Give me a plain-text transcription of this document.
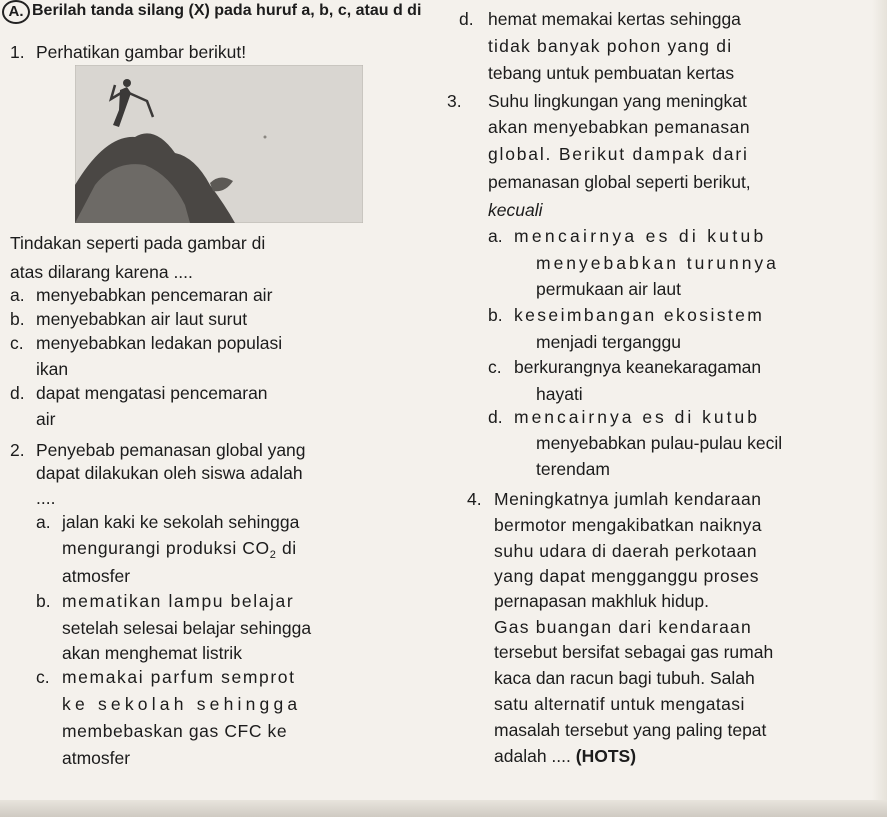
A. Berilah tanda silang (X) pada huruf a, b, c, atau d di
1. Perhatikan gambar berikut!
Tindakan seperti pada gambar di
atas dilarang karena ....
a. menyebabkan pencemaran air
b. menyebabkan air laut surut
c. menyebabkan ledakan populasi
ikan
d. dapat mengatasi pencemaran
air
2. Penyebab pemanasan global yang
dapat dilakukan oleh siswa adalah
....
a. jalan kaki ke sekolah sehingga
mengurangi produksi $CO_2$ di
atmosfer
b. mematikan lampu belajar
setelah selesai belajar sehingga
akan menghemat listrik
c. memakai parfum semprot
ke sekolah sehingga
membebaskan gas CFC ke
atmosfer
d. hemat memakai kertas sehingga
tidak banyak pohon yang di
tebang untuk pembuatan kertas
3. Suhu lingkungan yang meningkat
akan menyebabkan pemanasan
global. Berikut dampak dari
pemanasan global seperti berikut,
kecuali
a. mencairnya es di kutub
menyebabkan turunnya
permukaan air laut
b. keseimbangan ekosistem
menjadi terganggu
c. berkurangnya keanekaragaman
hayati
d. mencairnya es di kutub
menyebabkan pulau-pulau kecil
terendam
4. Meningkatnya jumlah kendaraan
bermotor mengakibatkan naiknya
suhu udara di daerah perkotaan
yang dapat mengganggu proses
pernapasan makhluk hidup.
Gas buangan dari kendaraan
tersebut bersifat sebagai gas rumah
kaca dan racun bagi tubuh. Salah
satu alternatif untuk mengatasi
masalah tersebut yang paling tepat
adalah .... (HOTS)
